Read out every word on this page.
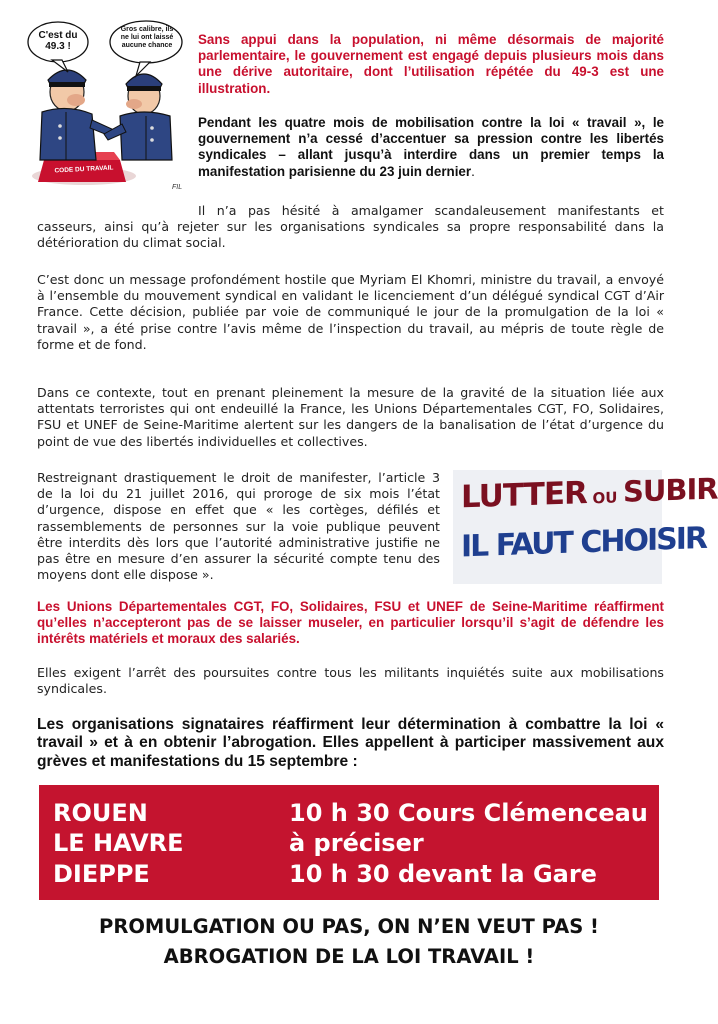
C'est du 49.3 !
Gros calibre, ils ne lui ont laissé aucune chance
CODE DU TRAVAIL
FIL

Sans appui dans la population, ni même désormais de majorité parlementaire, le gouvernement est engagé depuis plusieurs mois dans une dérive autoritaire, dont l’utilisation répétée du 49-3 est une illustration.

Pendant les quatre mois de mobilisation contre la loi « travail », le gouvernement n’a cessé d’accentuer sa pression contre les libertés syndicales – allant jusqu’à interdire dans un premier temps la manifestation parisienne du 23 juin dernier.

Il n’a pas hésité à amalgamer scandaleusement manifestants et casseurs, ainsi qu’à rejeter sur les organisations syndicales sa propre responsabilité dans la détérioration du climat social.

C’est donc un message profondément hostile que Myriam El Khomri, ministre du travail, a envoyé à l’ensemble du mouvement syndical en validant le licenciement d’un délégué syndical CGT d’Air France. Cette décision, publiée par voie de communiqué le jour de la promulgation de la loi « travail », a été prise contre l’avis même de l’inspection du travail, au mépris de toute règle de forme et de fond.

Dans ce contexte, tout en prenant pleinement la mesure de la gravité de la situation liée aux attentats terroristes qui ont endeuillé la France, les Unions Départementales CGT, FO, Solidaires, FSU et UNEF de Seine-Maritime alertent sur les dangers de la banalisation de l’état d’urgence du point de vue des libertés individuelles et collectives.

Restreignant drastiquement le droit de manifester, l’article 3 de la loi du 21 juillet 2016, qui proroge de six mois l’état d’urgence, dispose en effet que « les cortèges, défilés et rassemblements de personnes sur la voie publique peuvent être interdits dès lors que l’autorité administrative justifie ne pas être en mesure d’en assurer la sécurité compte tenu des moyens dont elle dispose ».

LUTTER OU SUBIR
IL FAUT CHOISIR

Les Unions Départementales CGT, FO, Solidaires, FSU et UNEF de Seine-Maritime réaffirment qu’elles n’accepteront pas de se laisser museler, en particulier lorsqu’il s’agit de défendre les intérêts matériels et moraux des salariés.

Elles exigent l’arrêt des poursuites contre tous les militants inquiétés suite aux mobilisations syndicales.

Les organisations signataires réaffirment leur détermination à combattre la loi « travail » et à en obtenir l’abrogation. Elles appellent à participer massivement aux grèves et manifestations du 15 septembre :

ROUEN	10 h 30 Cours Clémenceau
LE HAVRE	à préciser
DIEPPE	10 h 30 devant la Gare
PROMULGATION OU PAS, ON N’EN VEUT PAS !
ABROGATION DE LA LOI TRAVAIL !
